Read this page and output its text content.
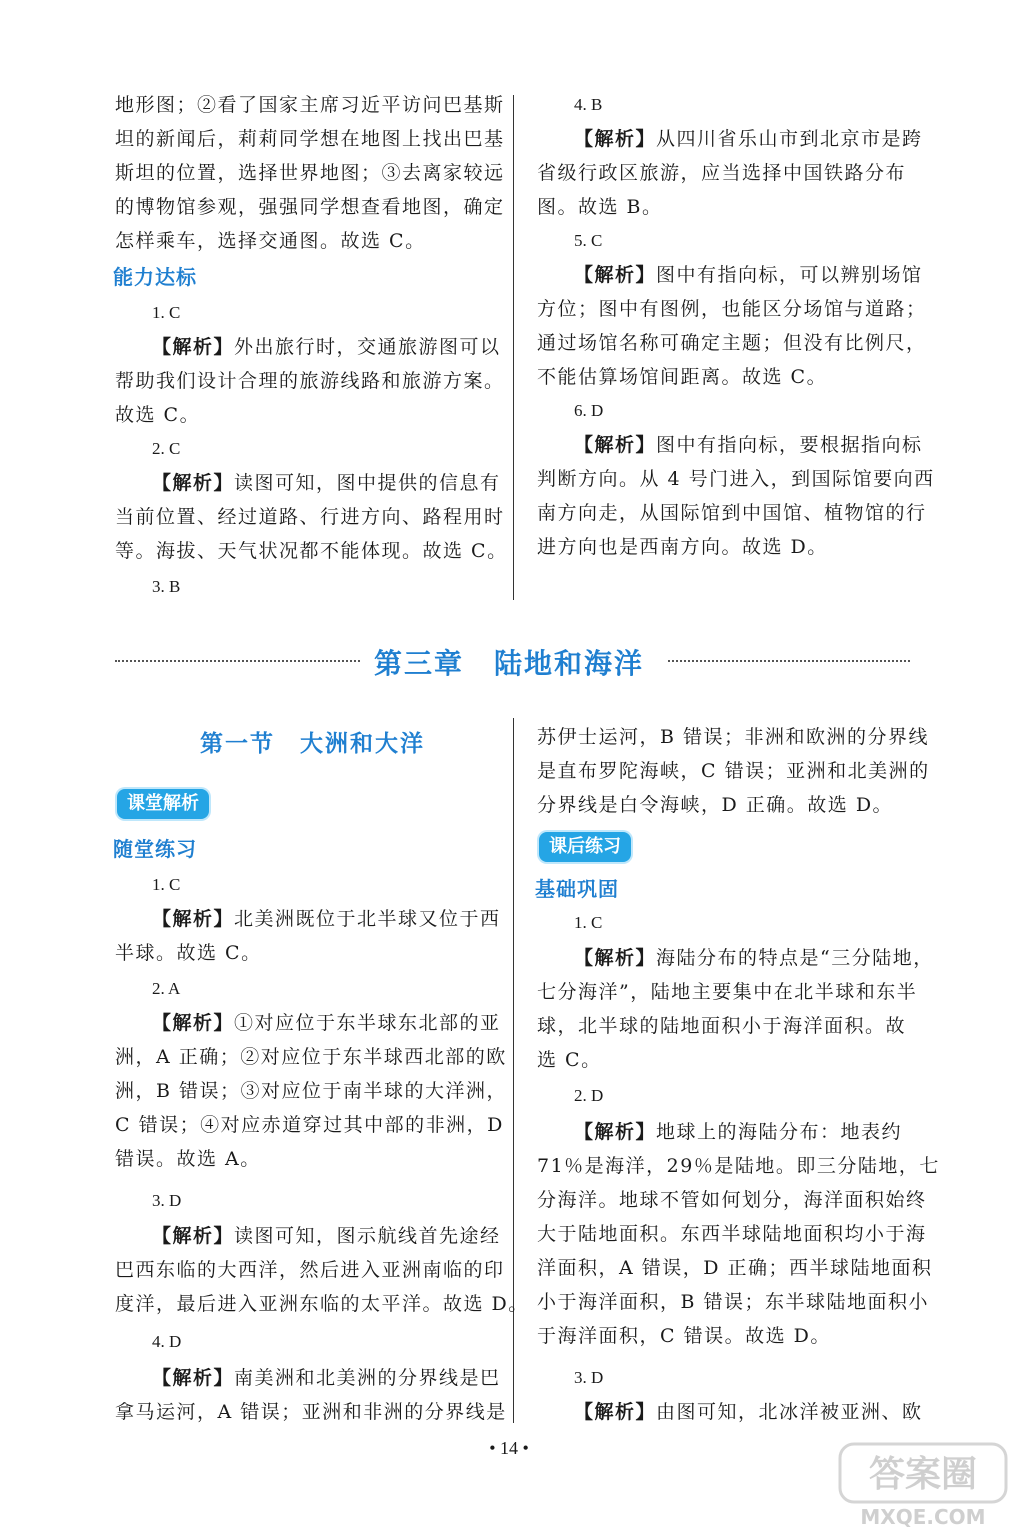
地形图；②看了国家主席习近平访问巴基斯
坦的新闻后，莉莉同学想在地图上找出巴基
斯坦的位置，选择世界地图；③去离家较远
的博物馆参观，强强同学想查看地图，确定
怎样乘车，选择交通图。故选 C。
能力达标
1. C
【解析】外出旅行时，交通旅游图可以
帮助我们设计合理的旅游线路和旅游方案。
故选 C。
2. C
【解析】读图可知，图中提供的信息有
当前位置、经过道路、行进方向、路程用时
等。海拔、天气状况都不能体现。故选 C。
3. B
4. B
【解析】从四川省乐山市到北京市是跨
省级行政区旅游，应当选择中国铁路分布
图。故选 B。
5. C
【解析】图中有指向标，可以辨别场馆
方位；图中有图例，也能区分场馆与道路；
通过场馆名称可确定主题；但没有比例尺，
不能估算场馆间距离。故选 C。
6. D
【解析】图中有指向标，要根据指向标
判断方向。从 4 号门进入，到国际馆要向西
南方向走，从国际馆到中国馆、植物馆的行
进方向也是西南方向。故选 D。
第三章　陆地和海洋
第一节　大洲和大洋
课堂解析
随堂练习
1. C
【解析】北美洲既位于北半球又位于西
半球。故选 C。
2. A
【解析】①对应位于东半球东北部的亚
洲，A 正确；②对应位于东半球西北部的欧
洲，B 错误；③对应位于南半球的大洋洲，
C 错误；④对应赤道穿过其中部的非洲，D
错误。故选 A。
3. D
【解析】读图可知，图示航线首先途经
巴西东临的大西洋，然后进入亚洲南临的印
度洋，最后进入亚洲东临的太平洋。故选 D。
4. D
【解析】南美洲和北美洲的分界线是巴
拿马运河，A 错误；亚洲和非洲的分界线是
苏伊士运河，B 错误；非洲和欧洲的分界线
是直布罗陀海峡，C 错误；亚洲和北美洲的
分界线是白令海峡，D 正确。故选 D。
课后练习
基础巩固
1. C
【解析】海陆分布的特点是“三分陆地，
七分海洋”，陆地主要集中在北半球和东半
球，北半球的陆地面积小于海洋面积。故
选 C。
2. D
【解析】地球上的海陆分布：地表约
71％是海洋，29％是陆地。即三分陆地，七
分海洋。地球不管如何划分，海洋面积始终
大于陆地面积。东西半球陆地面积均小于海
洋面积，A 错误，D 正确；西半球陆地面积
小于海洋面积，B 错误；东半球陆地面积小
于海洋面积，C 错误。故选 D。
3. D
【解析】由图可知，北冰洋被亚洲、欧
• 14 •
答案圈
MXQE.COM
